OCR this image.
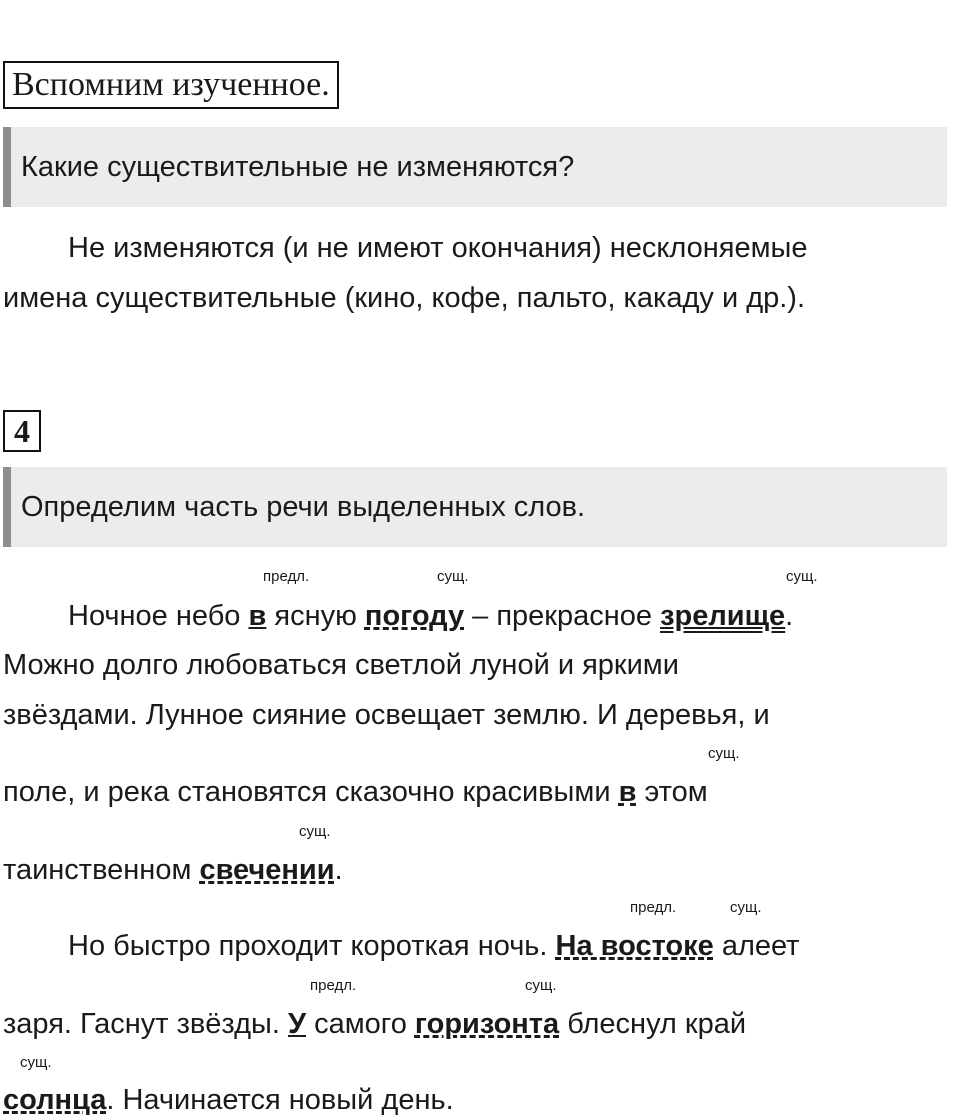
Вспомним изученное.
Какие существительные не изменяются?
Не изменяются (и не имеют окончания) несклоняемые
имена существительные (кино, кофе, пальто, какаду и др.).
4
Определим часть речи выделенных слов.
предл.	сущ.	сущ.
сущ.
сущ.
предл.	сущ.
предл.	сущ.
сущ.
Ночное небо в ясную погоду – прекрасное зрелище.
Можно долго любоваться светлой луной и яркими
звёздами. Лунное сияние освещает землю. И деревья, и
поле, и река становятся сказочно красивыми в этом
таинственном свечении.
Но быстро проходит короткая ночь. На востоке алеет
заря. Гаснут звёзды. У самого горизонта блеснул край
солнца. Начинается новый день.
